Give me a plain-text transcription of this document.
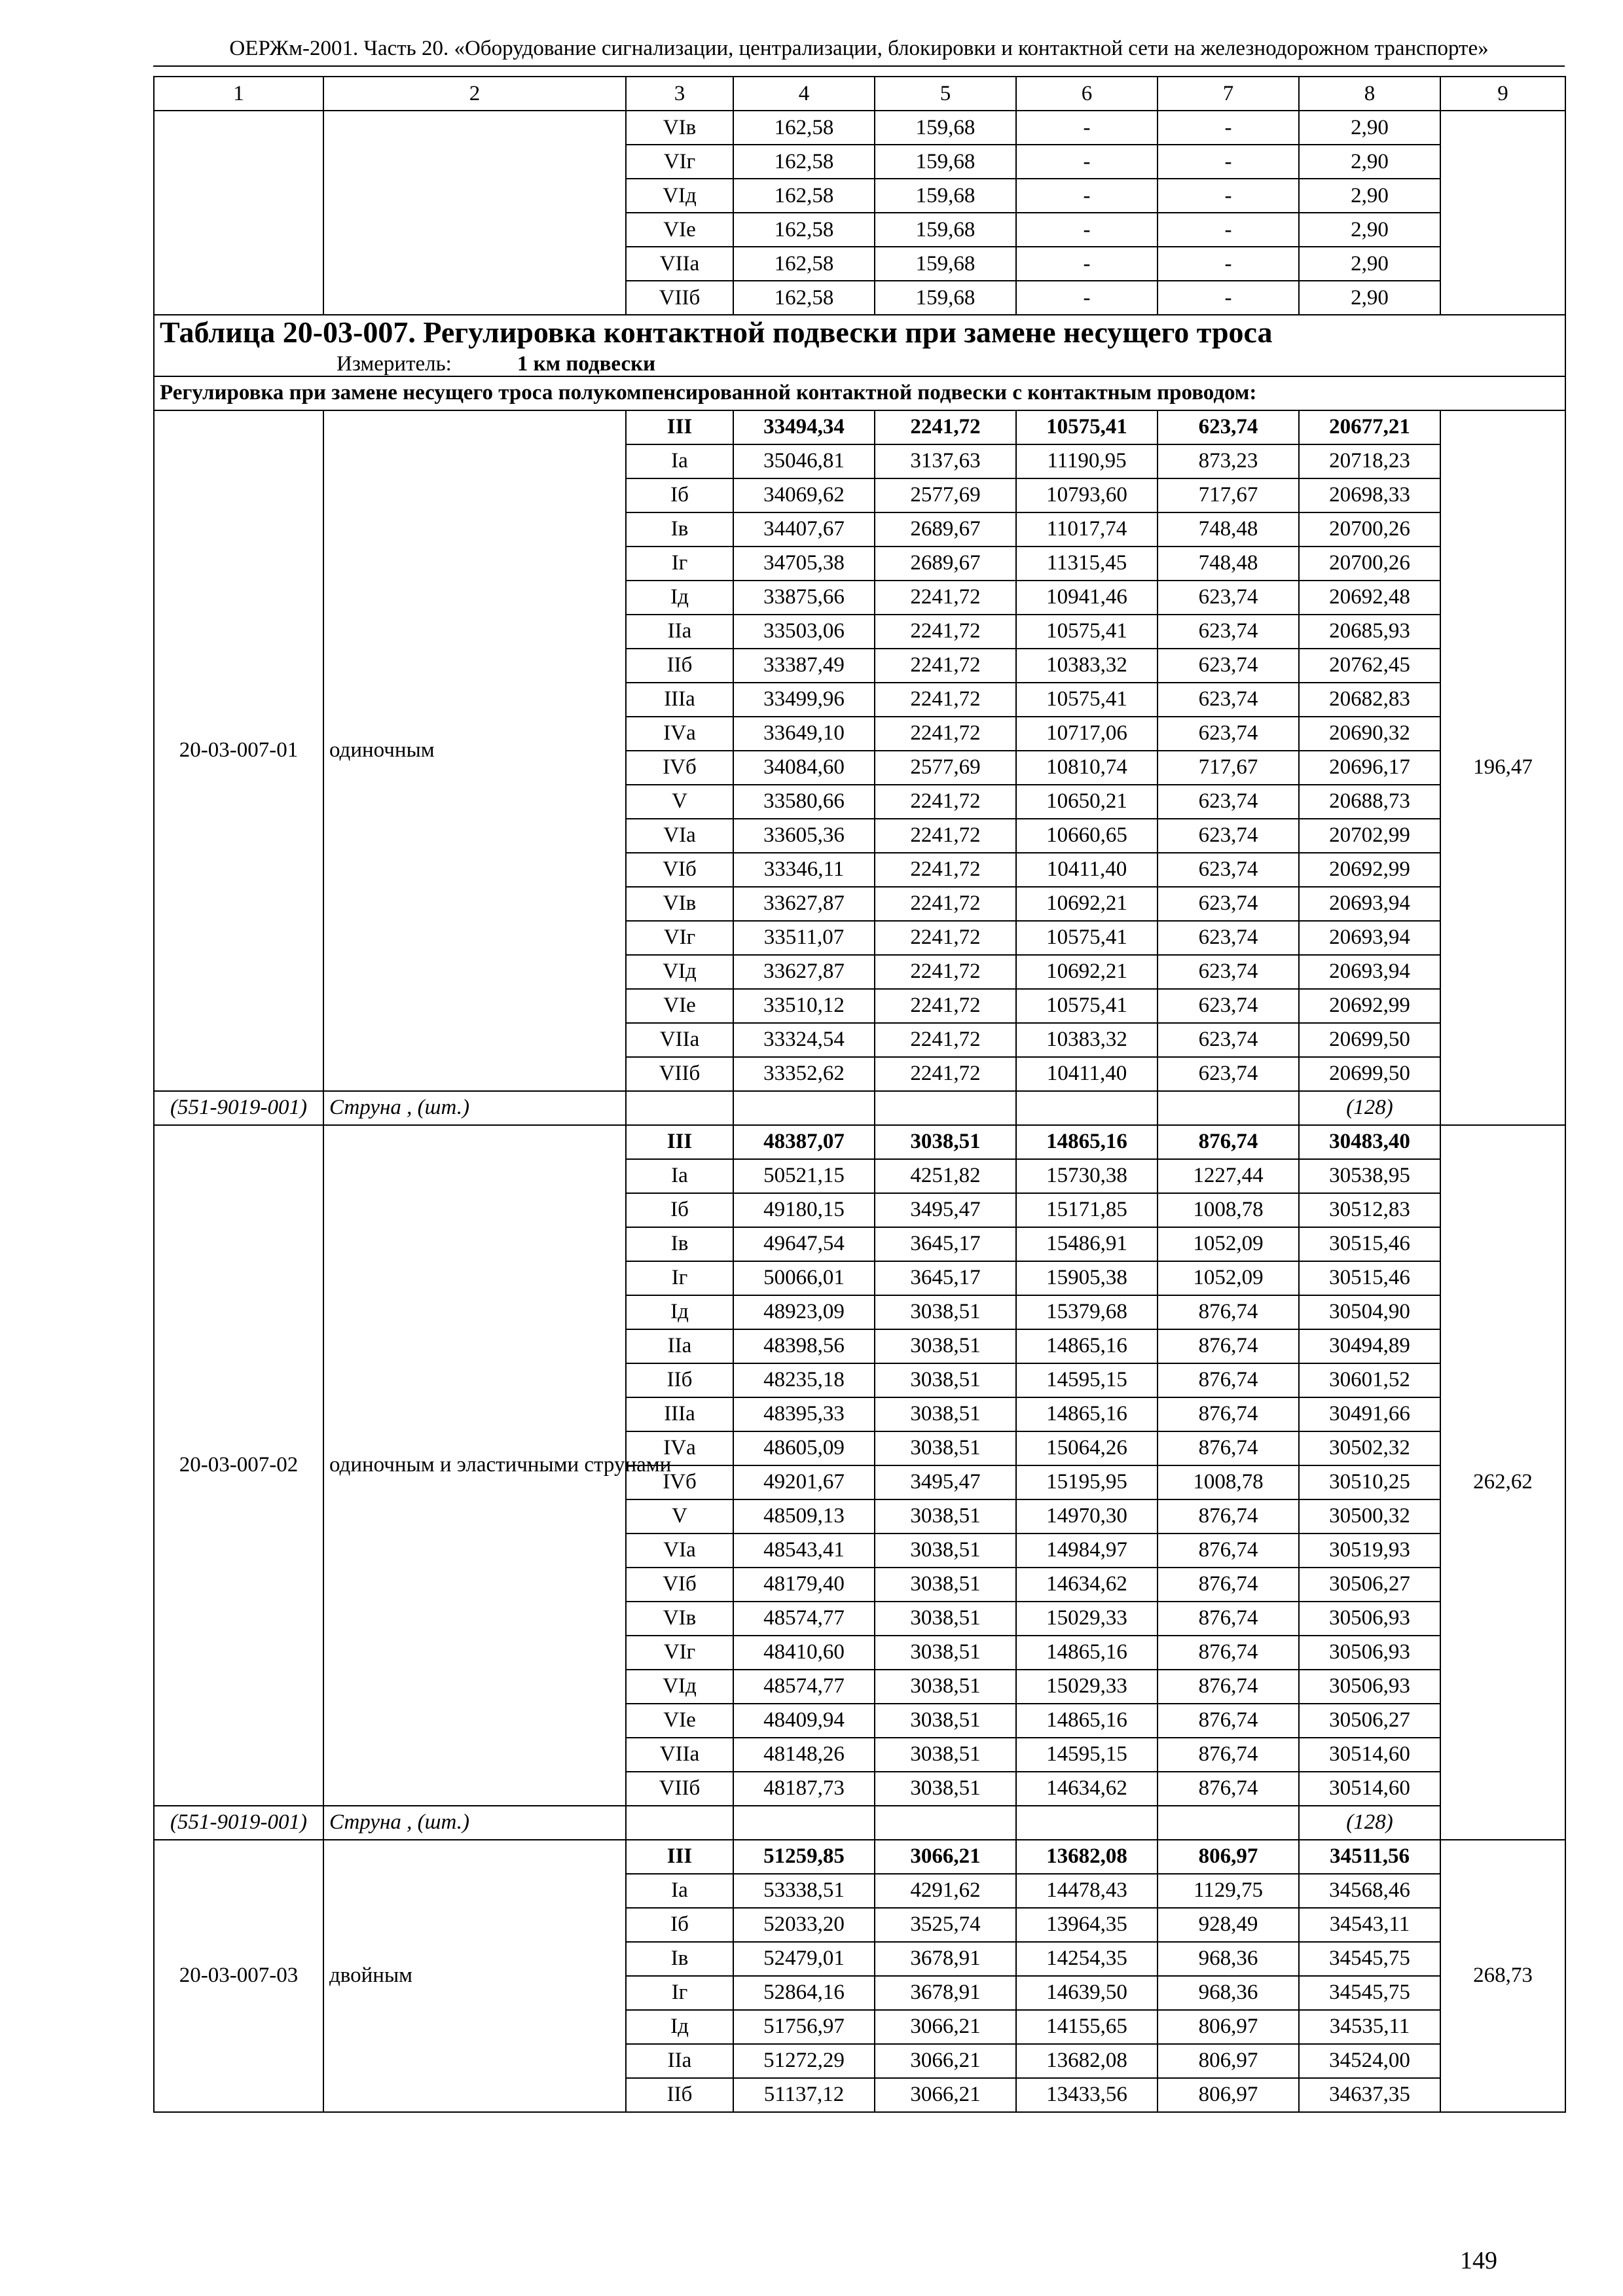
ОЕРЖм-2001. Часть 20. «Оборудование сигнализации, централизации, блокировки и контактной сети на железнодорожном транспорте»
1	2	3	4	5	6	7	8	9
		VIв	162,58	159,68	-	-	2,90	
		VIг	162,58	159,68	-	-	2,90	
		VIд	162,58	159,68	-	-	2,90	
		VIе	162,58	159,68	-	-	2,90	
		VIIа	162,58	159,68	-	-	2,90	
		VIIб	162,58	159,68	-	-	2,90	

Таблица 20-03-007. Регулировка контактной подвески при замене несущего троса
Измеритель: 1 км подвески								

Регулировка при замене несущего троса полукомпенсированной контактной подвески с контактным проводом:								
20-03-007-01	одиночным	III	33494,34	2241,72	10575,41	623,74	20677,21	196,47
		Iа	35046,81	3137,63	11190,95	873,23	20718,23	
		Iб	34069,62	2577,69	10793,60	717,67	20698,33	
		Iв	34407,67	2689,67	11017,74	748,48	20700,26	
		Iг	34705,38	2689,67	11315,45	748,48	20700,26	
		Iд	33875,66	2241,72	10941,46	623,74	20692,48	
		IIа	33503,06	2241,72	10575,41	623,74	20685,93	
		IIб	33387,49	2241,72	10383,32	623,74	20762,45	
		IIIа	33499,96	2241,72	10575,41	623,74	20682,83	
		IVа	33649,10	2241,72	10717,06	623,74	20690,32	
		IVб	34084,60	2577,69	10810,74	717,67	20696,17	
		V	33580,66	2241,72	10650,21	623,74	20688,73	
		VIа	33605,36	2241,72	10660,65	623,74	20702,99	
		VIб	33346,11	2241,72	10411,40	623,74	20692,99	
		VIв	33627,87	2241,72	10692,21	623,74	20693,94	
		VIг	33511,07	2241,72	10575,41	623,74	20693,94	
		VIд	33627,87	2241,72	10692,21	623,74	20693,94	
		VIе	33510,12	2241,72	10575,41	623,74	20692,99	
		VIIа	33324,54	2241,72	10383,32	623,74	20699,50	
		VIIб	33352,62	2241,72	10411,40	623,74	20699,50	
(551-9019-001)	Струна , (шт.)						(128)	
20-03-007-02	одиночным и эластичными струнами	III	48387,07	3038,51	14865,16	876,74	30483,40	262,62
		Iа	50521,15	4251,82	15730,38	1227,44	30538,95	
		Iб	49180,15	3495,47	15171,85	1008,78	30512,83	
		Iв	49647,54	3645,17	15486,91	1052,09	30515,46	
		Iг	50066,01	3645,17	15905,38	1052,09	30515,46	
		Iд	48923,09	3038,51	15379,68	876,74	30504,90	
		IIа	48398,56	3038,51	14865,16	876,74	30494,89	
		IIб	48235,18	3038,51	14595,15	876,74	30601,52	
		IIIа	48395,33	3038,51	14865,16	876,74	30491,66	
		IVа	48605,09	3038,51	15064,26	876,74	30502,32	
		IVб	49201,67	3495,47	15195,95	1008,78	30510,25	
		V	48509,13	3038,51	14970,30	876,74	30500,32	
		VIа	48543,41	3038,51	14984,97	876,74	30519,93	
		VIб	48179,40	3038,51	14634,62	876,74	30506,27	
		VIв	48574,77	3038,51	15029,33	876,74	30506,93	
		VIг	48410,60	3038,51	14865,16	876,74	30506,93	
		VIд	48574,77	3038,51	15029,33	876,74	30506,93	
		VIе	48409,94	3038,51	14865,16	876,74	30506,27	
		VIIа	48148,26	3038,51	14595,15	876,74	30514,60	
		VIIб	48187,73	3038,51	14634,62	876,74	30514,60	
(551-9019-001)	Струна , (шт.)						(128)	
20-03-007-03	двойным	III	51259,85	3066,21	13682,08	806,97	34511,56	268,73
		Iа	53338,51	4291,62	14478,43	1129,75	34568,46	
		Iб	52033,20	3525,74	13964,35	928,49	34543,11	
		Iв	52479,01	3678,91	14254,35	968,36	34545,75	
		Iг	52864,16	3678,91	14639,50	968,36	34545,75	
		Iд	51756,97	3066,21	14155,65	806,97	34535,11	
		IIа	51272,29	3066,21	13682,08	806,97	34524,00	
		IIб	51137,12	3066,21	13433,56	806,97	34637,35	
149
